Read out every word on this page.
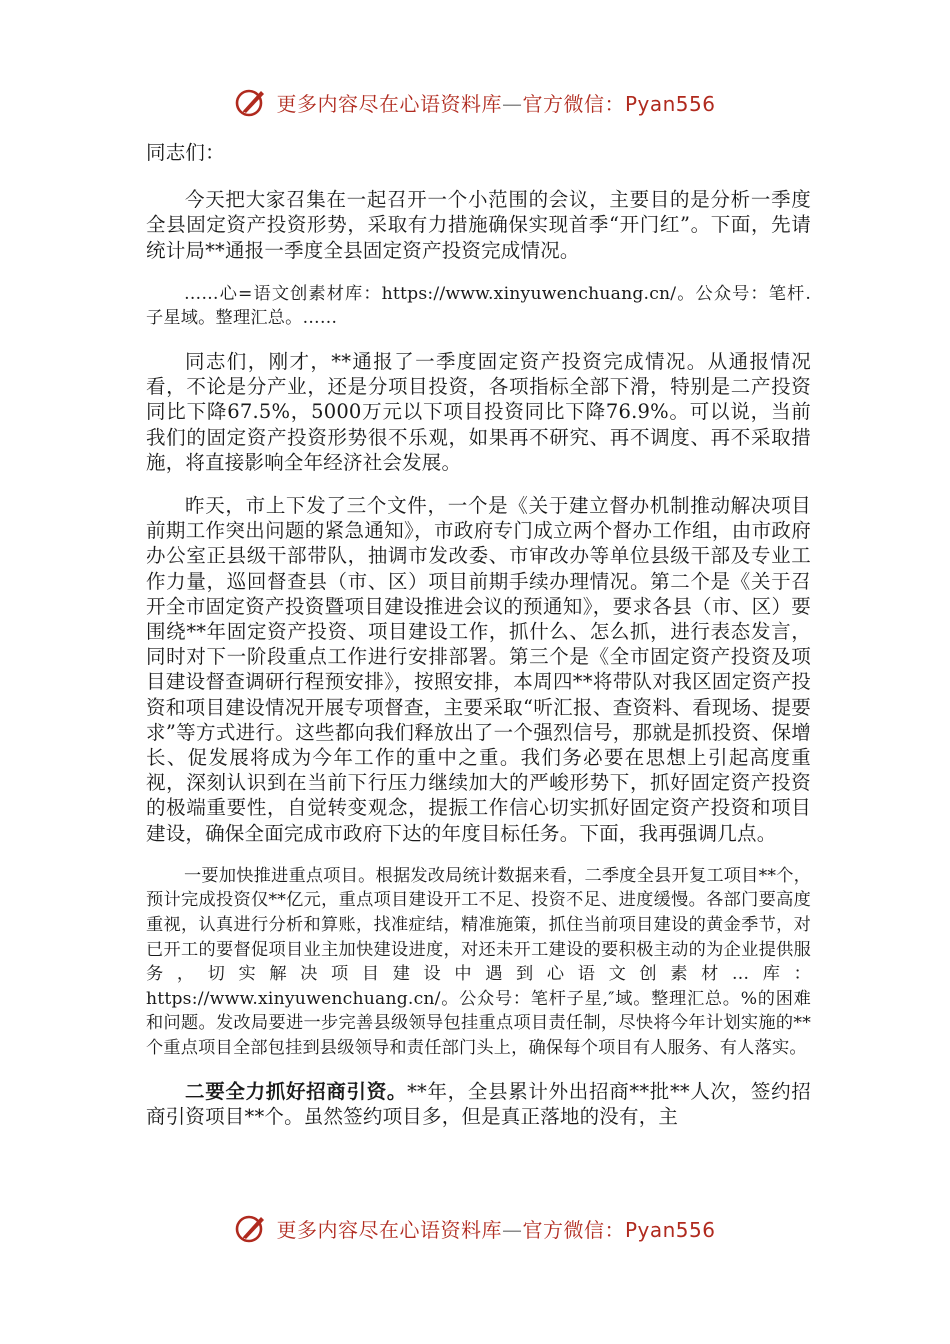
更多内容尽在心语资料库—官方微信：Pyan556

同志们：

今天把大家召集在一起召开一个小范围的会议，主要目的是分析一季度全县固定资产投资形势，采取有力措施确保实现首季“开门红”。下面，先请统计局**通报一季度全县固定资产投资完成情况。

……心=语文创素材库：https://www.xinyuwenchuang.cn/。公众号：笔杆.子星域。整理汇总。……

同志们，刚才，**通报了一季度固定资产投资完成情况。从通报情况看，不论是分产业，还是分项目投资，各项指标全部下滑，特别是二产投资同比下降67.5%，5000万元以下项目投资同比下降76.9%。可以说，当前我们的固定资产投资形势很不乐观，如果再不研究、再不调度、再不采取措施，将直接影响全年经济社会发展。

昨天，市上下发了三个文件，一个是《关于建立督办机制推动解决项目前期工作突出问题的紧急通知》，市政府专门成立两个督办工作组，由市政府办公室正县级干部带队，抽调市发改委、市审改办等单位县级干部及专业工作力量，巡回督查县（市、区）项目前期手续办理情况。第二个是《关于召开全市固定资产投资暨项目建设推进会议的预通知》，要求各县（市、区）要围绕**年固定资产投资、项目建设工作，抓什么、怎么抓，进行表态发言，同时对下一阶段重点工作进行安排部署。第三个是《全市固定资产投资及项目建设督查调研行程预安排》，按照安排，本周四**将带队对我区固定资产投资和项目建设情况开展专项督查，主要采取“听汇报、查资料、看现场、提要求”等方式进行。这些都向我们释放出了一个强烈信号，那就是抓投资、保增长、促发展将成为今年工作的重中之重。我们务必要在思想上引起高度重视，深刻认识到在当前下行压力继续加大的严峻形势下，抓好固定资产投资的极端重要性，自觉转变观念，提振工作信心切实抓好固定资产投资和项目建设，确保全面完成市政府下达的年度目标任务。下面，我再强调几点。

一要加快推进重点项目。根据发改局统计数据来看，二季度全县开复工项目**个，预计完成投资仅**亿元，重点项目建设开工不足、投资不足、进度缓慢。各部门要高度重视，认真进行分析和算账，找准症结，精准施策，抓住当前项目建设的黄金季节，对已开工的要督促项目业主加快建设进度，对还未开工建设的要积极主动的为企业提供服务，切实解决项目建设中遇到心语文创素材…库：https://www.xinyuwenchuang.cn/。公众号：笔杆子星,″域。整理汇总。%的困难和问题。发改局要进一步完善县级领导包挂重点项目责任制，尽快将今年计划实施的**个重点项目全部包挂到县级领导和责任部门头上，确保每个项目有人服务、有人落实。

二要全力抓好招商引资。**年，全县累计外出招商**批**人次，签约招商引资项目**个。虽然签约项目多，但是真正落地的没有，主

更多内容尽在心语资料库—官方微信：Pyan556
